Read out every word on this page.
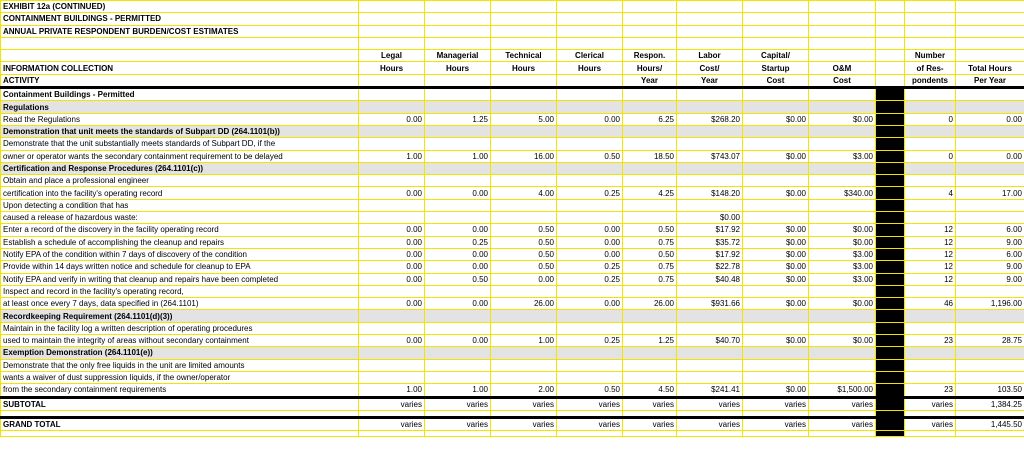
EXHIBIT 12a (CONTINUED)											
CONTAINMENT BUILDINGS - PERMITTED											
ANNUAL PRIVATE RESPONDENT BURDEN/COST ESTIMATES											

	Legal	Managerial	Technical	Clerical	Respon.	Labor	Capital/			Number	
INFORMATION COLLECTION	Hours	Hours	Hours	Hours	Hours/	Cost/	Startup	O&M		of Res-	Total Hours
ACTIVITY					Year	Year	Cost	Cost		pondents	Per Year
Containment Buildings - Permitted											
Regulations											
Read the Regulations	0.00	1.25	5.00	0.00	6.25	$268.20	$0.00	$0.00		0	0.00
Demonstration that unit meets the standards of Subpart DD (264.1101(b))											
Demonstrate that the unit substantially meets standards of Subpart DD, if the											
owner or operator wants the secondary containment requirement to be delayed	1.00	1.00	16.00	0.50	18.50	$743.07	$0.00	$3.00		0	0.00
Certification and Response Procedures (264.1101(c))											
Obtain and place a professional engineer											
certification into the facility's operating record	0.00	0.00	4.00	0.25	4.25	$148.20	$0.00	$340.00		4	17.00
Upon detecting a condition that has											
caused a release of hazardous waste:						$0.00					
Enter a record of the discovery in the facility operating record	0.00	0.00	0.50	0.00	0.50	$17.92	$0.00	$0.00		12	6.00
Establish a schedule of accomplishing the cleanup and repairs	0.00	0.25	0.50	0.00	0.75	$35.72	$0.00	$0.00		12	9.00
Notify EPA of the condition within 7 days of discovery of the condition	0.00	0.00	0.50	0.00	0.50	$17.92	$0.00	$3.00		12	6.00
Provide within 14 days written notice and schedule for cleanup to EPA	0.00	0.00	0.50	0.25	0.75	$22.78	$0.00	$3.00		12	9.00
Notify EPA and verify in writing that cleanup and repairs have been completed	0.00	0.50	0.00	0.25	0.75	$40.48	$0.00	$3.00		12	9.00
Inspect and record in the facility's operating record,											
at least once every 7 days, data specified in (264.1101)	0.00	0.00	26.00	0.00	26.00	$931.66	$0.00	$0.00		46	1,196.00
Recordkeeping Requirement (264.1101(d)(3))											
Maintain in the facility log a written description of operating procedures											
used to maintain the integrity of areas without secondary containment	0.00	0.00	1.00	0.25	1.25	$40.70	$0.00	$0.00		23	28.75
Exemption Demonstration (264.1101(e))											
Demonstrate that the only free liquids in the unit are limited amounts											
wants a waiver of dust suppression liquids, if the owner/operator											
from the secondary containment requirements	1.00	1.00	2.00	0.50	4.50	$241.41	$0.00	$1,500.00		23	103.50
SUBTOTAL	varies	varies	varies	varies	varies	varies	varies	varies		varies	1,384.25

GRAND TOTAL	varies	varies	varies	varies	varies	varies	varies	varies		varies	1,445.50
